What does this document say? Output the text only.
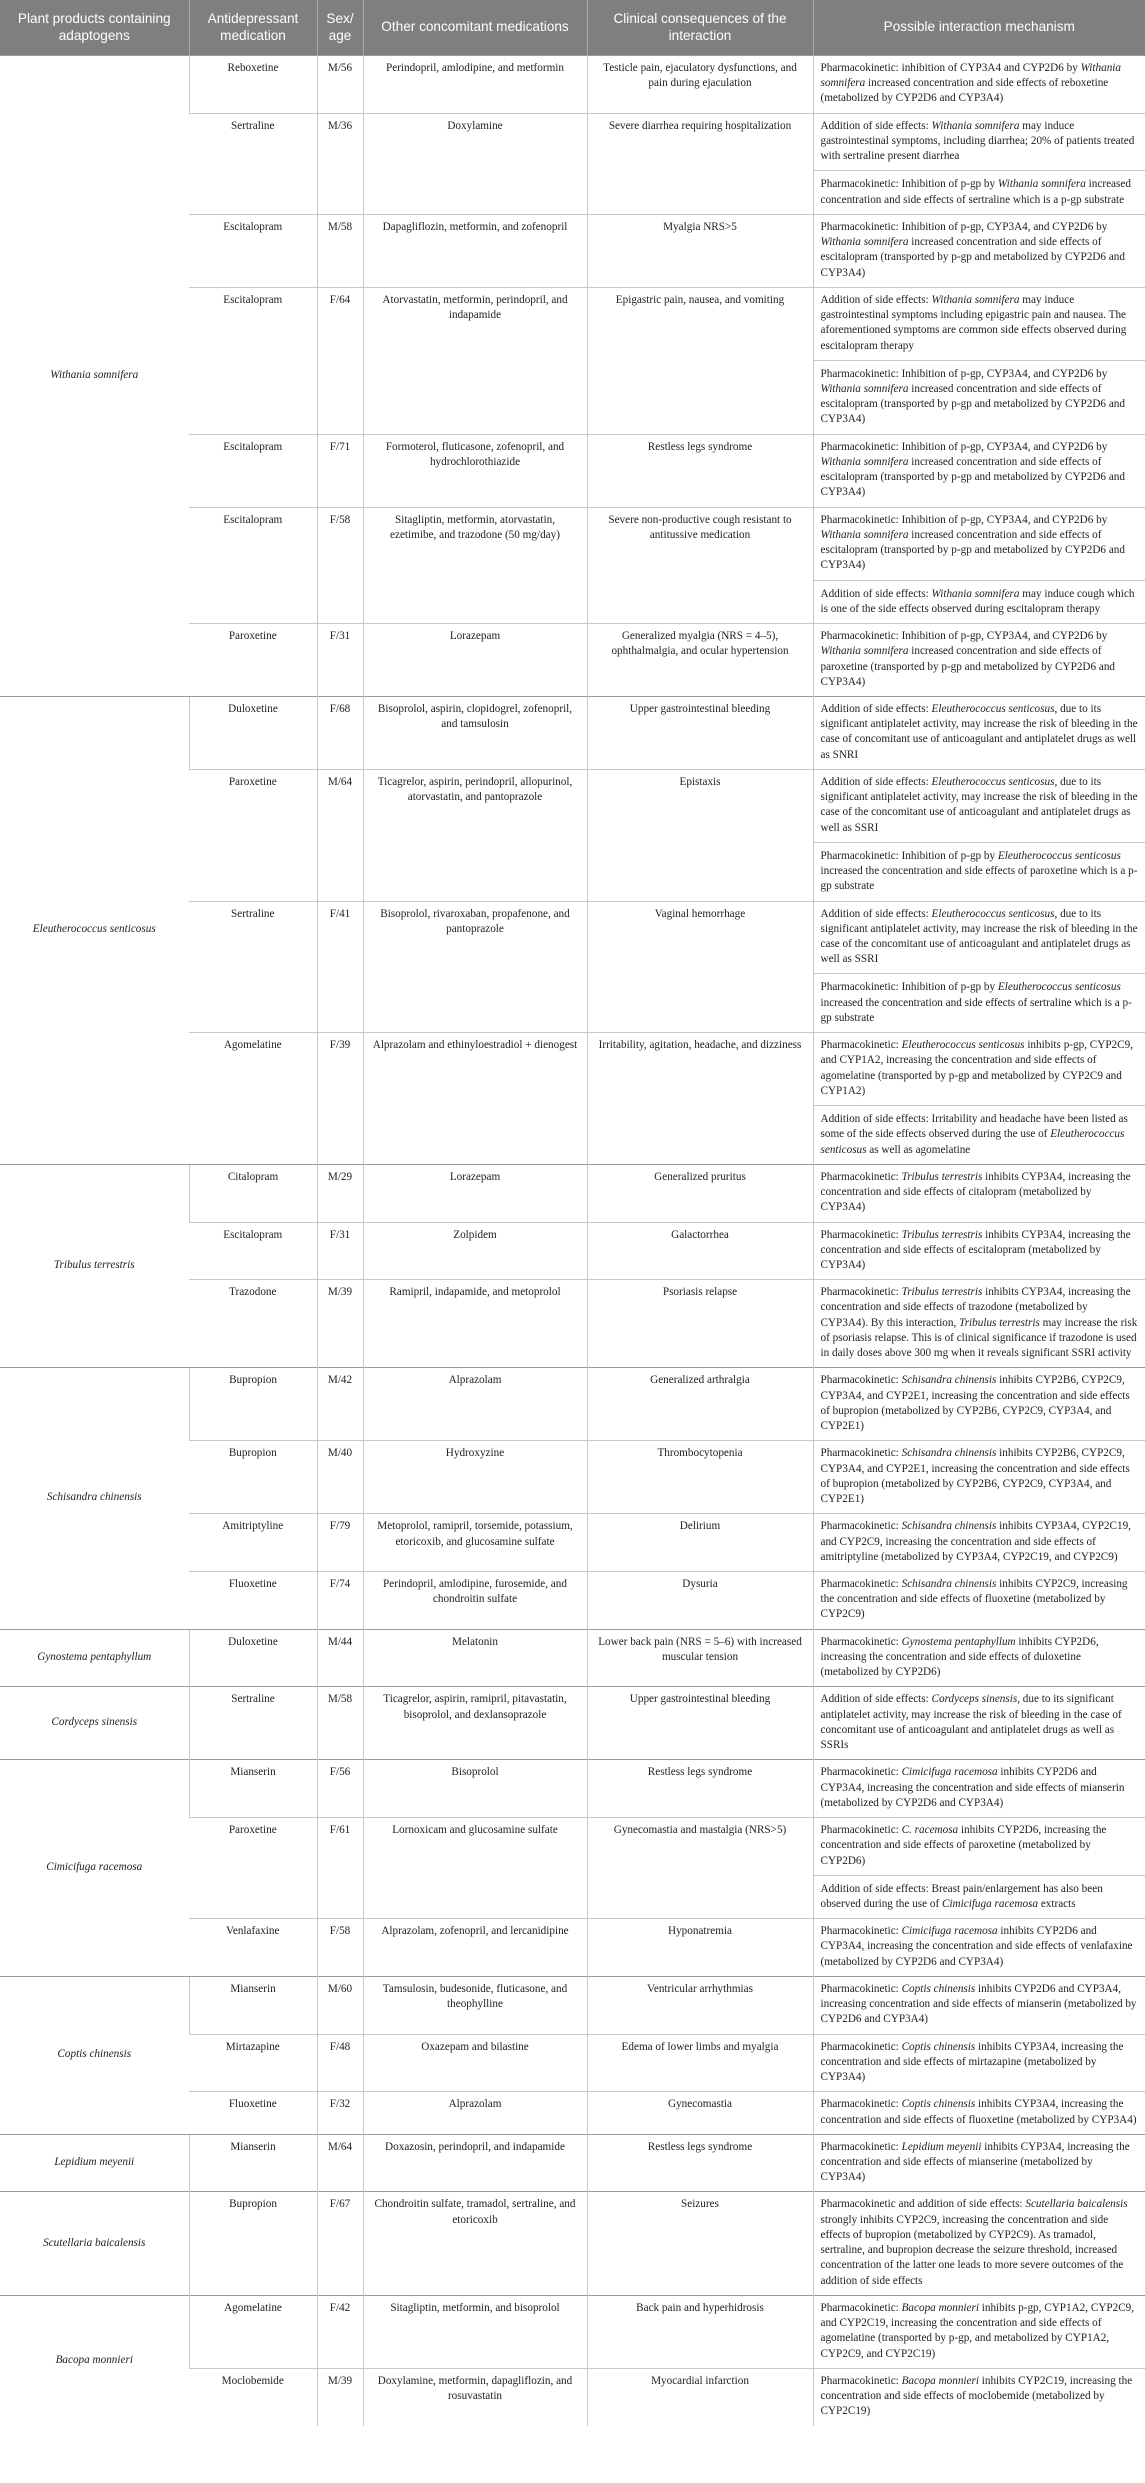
Plant products containing adaptogens	Antidepressant medication	Sex/ age	Other concomitant medications	Clinical consequences of the interaction	Possible interaction mechanism
Withania somnifera	Reboxetine	M/56	Perindopril, amlodipine, and metformin	Testicle pain, ejaculatory dysfunctions, and pain during ejaculation	Pharmacokinetic: inhibition of CYP3A4 and CYP2D6 by Withania somnifera increased concentration and side effects of reboxetine (metabolized by CYP2D6 and CYP3A4)

	Sertraline	M/36	Doxylamine	Severe diarrhea requiring hospitalization	Addition of side effects: Withania somnifera may induce gastrointestinal symptoms, including diarrhea; 20% of patients treated with sertraline present diarrhea
Pharmacokinetic: Inhibition of p-gp by Withania somnifera increased concentration and side effects of sertraline which is a p-gp substrate

	Escitalopram	M/58	Dapagliflozin, metformin, and zofenopril	Myalgia NRS>5	Pharmacokinetic: Inhibition of p-gp, CYP3A4, and CYP2D6 by Withania somnifera increased concentration and side effects of escitalopram (transported by p-gp and metabolized by CYP2D6 and CYP3A4)

	Escitalopram	F/64	Atorvastatin, metformin, perindopril, and indapamide	Epigastric pain, nausea, and vomiting	Addition of side effects: Withania somnifera may induce gastrointestinal symptoms including epigastric pain and nausea. The aforementioned symptoms are common side effects observed during escitalopram therapy
Pharmacokinetic: Inhibition of p-gp, CYP3A4, and CYP2D6 by Withania somnifera increased concentration and side effects of escitalopram (transported by p-gp and metabolized by CYP2D6 and CYP3A4)

	Escitalopram	F/71	Formoterol, fluticasone, zofenopril, and hydrochlorothiazide	Restless legs syndrome	Pharmacokinetic: Inhibition of p-gp, CYP3A4, and CYP2D6 by Withania somnifera increased concentration and side effects of escitalopram (transported by p-gp and metabolized by CYP2D6 and CYP3A4)

	Escitalopram	F/58	Sitagliptin, metformin, atorvastatin, ezetimibe, and trazodone (50 mg/day)	Severe non-productive cough resistant to antitussive medication	Pharmacokinetic: Inhibition of p-gp, CYP3A4, and CYP2D6 by Withania somnifera increased concentration and side effects of escitalopram (transported by p-gp and metabolized by CYP2D6 and CYP3A4)
Addition of side effects: Withania somnifera may induce cough which is one of the side effects observed during escitalopram therapy

	Paroxetine	F/31	Lorazepam	Generalized myalgia (NRS = 4–5), ophthalmalgia, and ocular hypertension	Pharmacokinetic: Inhibition of p-gp, CYP3A4, and CYP2D6 by Withania somnifera increased concentration and side effects of paroxetine (transported by p-gp and metabolized by CYP2D6 and CYP3A4)

Eleutherococcus senticosus	Duloxetine	F/68	Bisoprolol, aspirin, clopidogrel, zofenopril, and tamsulosin	Upper gastrointestinal bleeding	Addition of side effects: Eleutherococcus senticosus, due to its significant antiplatelet activity, may increase the risk of bleeding in the case of concomitant use of anticoagulant and antiplatelet drugs as well as SNRI

	Paroxetine	M/64	Ticagrelor, aspirin, perindopril, allopurinol, atorvastatin, and pantoprazole	Epistaxis	Addition of side effects: Eleutherococcus senticosus, due to its significant antiplatelet activity, may increase the risk of bleeding in the case of the concomitant use of anticoagulant and antiplatelet drugs as well as SSRI
Pharmacokinetic: Inhibition of p-gp by Eleutherococcus senticosus increased the concentration and side effects of paroxetine which is a p-gp substrate

	Sertraline	F/41	Bisoprolol, rivaroxaban, propafenone, and pantoprazole	Vaginal hemorrhage	Addition of side effects: Eleutherococcus senticosus, due to its significant antiplatelet activity, may increase the risk of bleeding in the case of the concomitant use of anticoagulant and antiplatelet drugs as well as SSRI
Pharmacokinetic: Inhibition of p-gp by Eleutherococcus senticosus increased the concentration and side effects of sertraline which is a p-gp substrate

	Agomelatine	F/39	Alprazolam and ethinyloestradiol + dienogest	Irritability, agitation, headache, and dizziness	Pharmacokinetic: Eleutherococcus senticosus inhibits p-gp, CYP2C9, and CYP1A2, increasing the concentration and side effects of agomelatine (transported by p-gp and metabolized by CYP2C9 and CYP1A2)
Addition of side effects: Irritability and headache have been listed as some of the side effects observed during the use of Eleutherococcus senticosus as well as agomelatine

Tribulus terrestris	Citalopram	M/29	Lorazepam	Generalized pruritus	Pharmacokinetic: Tribulus terrestris inhibits CYP3A4, increasing the concentration and side effects of citalopram (metabolized by CYP3A4)

	Escitalopram	F/31	Zolpidem	Galactorrhea	Pharmacokinetic: Tribulus terrestris inhibits CYP3A4, increasing the concentration and side effects of escitalopram (metabolized by CYP3A4)

	Trazodone	M/39	Ramipril, indapamide, and metoprolol	Psoriasis relapse	Pharmacokinetic: Tribulus terrestris inhibits CYP3A4, increasing the concentration and side effects of trazodone (metabolized by CYP3A4). By this interaction, Tribulus terrestris may increase the risk of psoriasis relapse. This is of clinical significance if trazodone is used in daily doses above 300 mg when it reveals significant SSRI activity

Schisandra chinensis	Bupropion	M/42	Alprazolam	Generalized arthralgia	Pharmacokinetic: Schisandra chinensis inhibits CYP2B6, CYP2C9, CYP3A4, and CYP2E1, increasing the concentration and side effects of bupropion (metabolized by CYP2B6, CYP2C9, CYP3A4, and CYP2E1)

	Bupropion	M/40	Hydroxyzine	Thrombocytopenia	Pharmacokinetic: Schisandra chinensis inhibits CYP2B6, CYP2C9, CYP3A4, and CYP2E1, increasing the concentration and side effects of bupropion (metabolized by CYP2B6, CYP2C9, CYP3A4, and CYP2E1)

	Amitriptyline	F/79	Metoprolol, ramipril, torsemide, potassium, etoricoxib, and glucosamine sulfate	Delirium	Pharmacokinetic: Schisandra chinensis inhibits CYP3A4, CYP2C19, and CYP2C9, increasing the concentration and side effects of amitriptyline (metabolized by CYP3A4, CYP2C19, and CYP2C9)

	Fluoxetine	F/74	Perindopril, amlodipine, furosemide, and chondroitin sulfate	Dysuria	Pharmacokinetic: Schisandra chinensis inhibits CYP2C9, increasing the concentration and side effects of fluoxetine (metabolized by CYP2C9)

Gynostema pentaphyllum	Duloxetine	M/44	Melatonin	Lower back pain (NRS = 5–6) with increased muscular tension	Pharmacokinetic: Gynostema pentaphyllum inhibits CYP2D6, increasing the concentration and side effects of duloxetine (metabolized by CYP2D6)

Cordyceps sinensis	Sertraline	M/58	Ticagrelor, aspirin, ramipril, pitavastatin, bisoprolol, and dexlansoprazole	Upper gastrointestinal bleeding	Addition of side effects: Cordyceps sinensis, due to its significant antiplatelet activity, may increase the risk of bleeding in the case of concomitant use of anticoagulant and antiplatelet drugs as well as SSRIs

Cimicifuga racemosa	Mianserin	F/56	Bisoprolol	Restless legs syndrome	Pharmacokinetic: Cimicifuga racemosa inhibits CYP2D6 and CYP3A4, increasing the concentration and side effects of mianserin (metabolized by CYP2D6 and CYP3A4)

	Paroxetine	F/61	Lornoxicam and glucosamine sulfate	Gynecomastia and mastalgia (NRS>5)	Pharmacokinetic: C. racemosa inhibits CYP2D6, increasing the concentration and side effects of paroxetine (metabolized by CYP2D6)
Addition of side effects: Breast pain/enlargement has also been observed during the use of Cimicifuga racemosa extracts

	Venlafaxine	F/58	Alprazolam, zofenopril, and lercanidipine	Hyponatremia	Pharmacokinetic: Cimicifuga racemosa inhibits CYP2D6 and CYP3A4, increasing the concentration and side effects of venlafaxine (metabolized by CYP2D6 and CYP3A4)

Coptis chinensis	Mianserin	M/60	Tamsulosin, budesonide, fluticasone, and theophylline	Ventricular arrhythmias	Pharmacokinetic: Coptis chinensis inhibits CYP2D6 and CYP3A4, increasing concentration and side effects of mianserin (metabolized by CYP2D6 and CYP3A4)

	Mirtazapine	F/48	Oxazepam and bilastine	Edema of lower limbs and myalgia	Pharmacokinetic: Coptis chinensis inhibits CYP3A4, increasing the concentration and side effects of mirtazapine (metabolized by CYP3A4)

	Fluoxetine	F/32	Alprazolam	Gynecomastia	Pharmacokinetic: Coptis chinensis inhibits CYP3A4, increasing the concentration and side effects of fluoxetine (metabolized by CYP3A4)

Lepidium meyenii	Mianserin	M/64	Doxazosin, perindopril, and indapamide	Restless legs syndrome	Pharmacokinetic: Lepidium meyenii inhibits CYP3A4, increasing the concentration and side effects of mianserine (metabolized by CYP3A4)

Scutellaria baicalensis	Bupropion	F/67	Chondroitin sulfate, tramadol, sertraline, and etoricoxib	Seizures	Pharmacokinetic and addition of side effects: Scutellaria baicalensis strongly inhibits CYP2C9, increasing the concentration and side effects of bupropion (metabolized by CYP2C9). As tramadol, sertraline, and bupropion decrease the seizure threshold, increased concentration of the latter one leads to more severe outcomes of the addition of side effects

Bacopa monnieri	Agomelatine	F/42	Sitagliptin, metformin, and bisoprolol	Back pain and hyperhidrosis	Pharmacokinetic: Bacopa monnieri inhibits p-gp, CYP1A2, CYP2C9, and CYP2C19, increasing the concentration and side effects of agomelatine (transported by p-gp, and metabolized by CYP1A2, CYP2C9, and CYP2C19)

	Moclobemide	M/39	Doxylamine, metformin, dapagliflozin, and rosuvastatin	Myocardial infarction	Pharmacokinetic: Bacopa monnieri inhibits CYP2C19, increasing the concentration and side effects of moclobemide (metabolized by CYP2C19)
